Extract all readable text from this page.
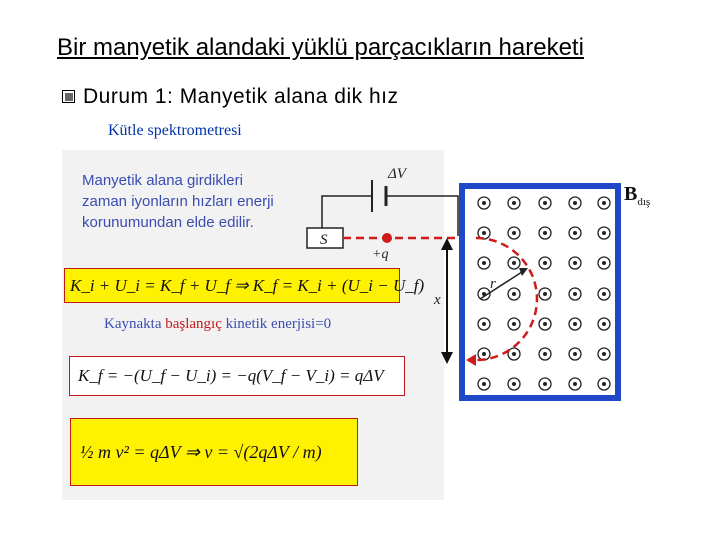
Bir manyetik alandaki yüklü parçacıkların hareketi
Durum 1: Manyetik alana dik hız
Kütle spektrometresi
Manyetik alana girdikleri zaman iyonların hızları enerji korunumundan elde edilir.
K_i + U_i = K_f + U_f ⇒ K_f = K_i + (U_i − U_f)
Kaynakta başlangıç kinetik enerjisi=0
K_f = −(U_f − U_i) = −q(V_f − V_i) = qΔV
½ m v² = qΔV ⇒ v = √(2qΔV / m)
ΔV
S
+q
x
r
$B_{dış}$
